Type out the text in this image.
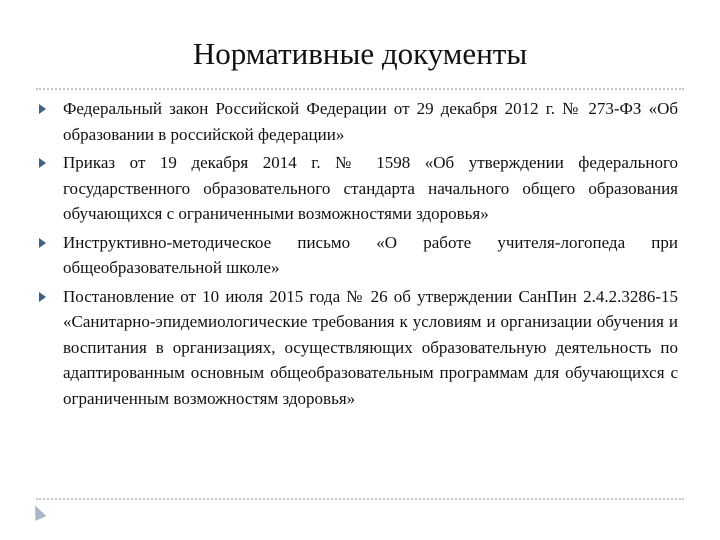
Нормативные документы
Федеральный закон Российской Федерации от 29 декабря 2012 г. № 273-ФЗ «Об образовании в российской федерации»
Приказ от 19 декабря 2014 г. № 1598 «Об утверждении федерального государственного образовательного стандарта начального общего образования обучающихся с ограниченными возможностями здоровья»
Инструктивно-методическое письмо «О работе учителя-логопеда при общеобразовательной школе»
Постановление от 10 июля 2015 года № 26 об утверждении СанПин 2.4.2.3286-15 «Санитарно-эпидемиологические требования к условиям и организации обучения и воспитания в организациях, осуществляющих образовательную деятельность по адаптированным основным общеобразовательным программам для обучающихся с ограниченным возможностям здоровья»
